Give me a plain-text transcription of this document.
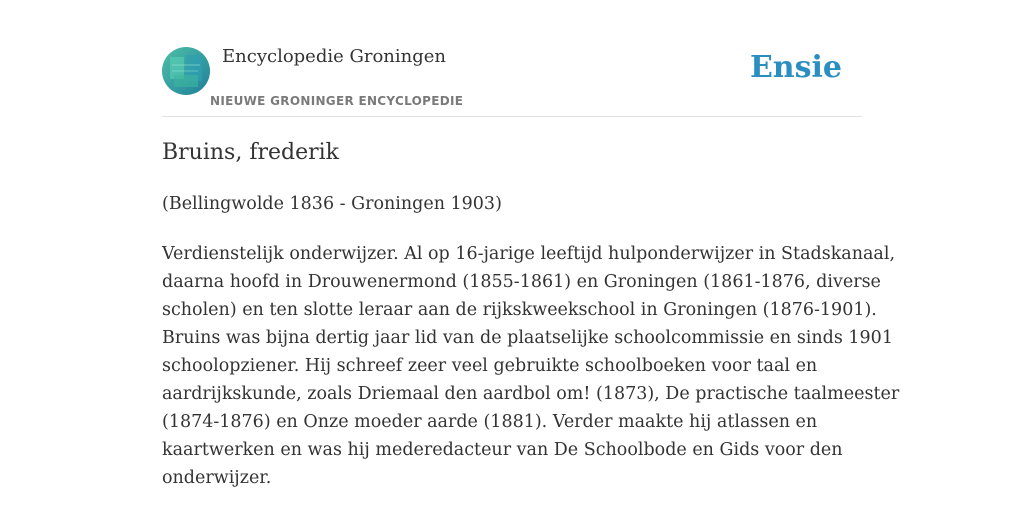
Encyclopedie Groningen
NIEUWE GRONINGER ENCYCLOPEDIE
Ensie
Bruins, frederik

(Bellingwolde 1836 - Groningen 1903)

Verdienstelijk onderwijzer. Al op 16-jarige leeftijd hulponderwijzer in Stadskanaal,
daarna hoofd in Drouwenermond (1855-1861) en Groningen (1861-1876, diverse
scholen) en ten slotte leraar aan de rijkskweekschool in Groningen (1876-1901).
Bruins was bijna dertig jaar lid van de plaatselijke schoolcommissie en sinds 1901
schoolopziener. Hij schreef zeer veel gebruikte schoolboeken voor taal en
aardrijkskunde, zoals Driemaal den aardbol om! (1873), De practische taalmeester
(1874-1876) en Onze moeder aarde (1881). Verder maakte hij atlassen en
kaartwerken en was hij mederedacteur van De Schoolbode en Gids voor den
onderwijzer.
